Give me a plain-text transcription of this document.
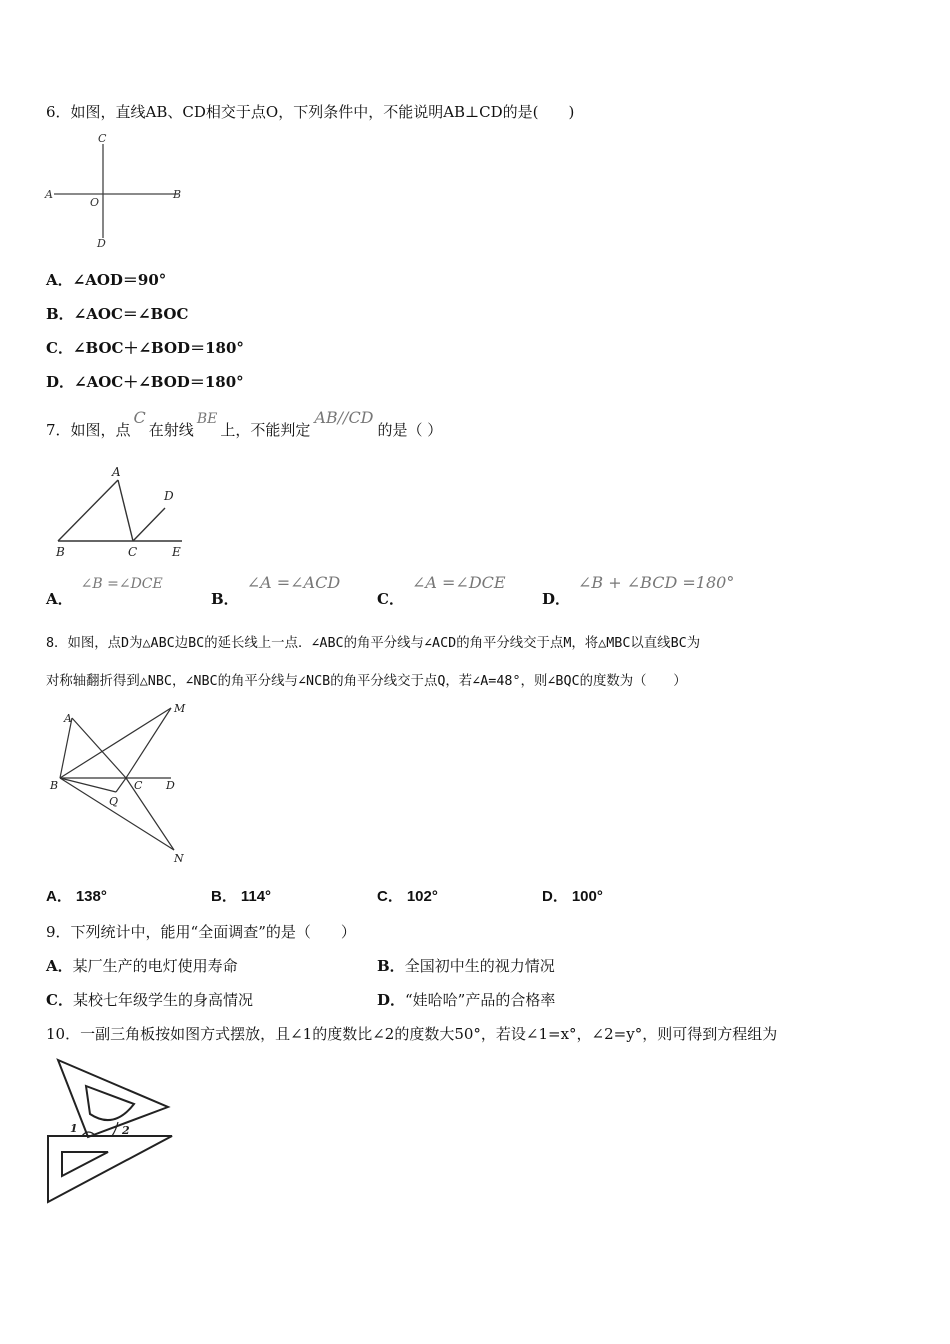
6．如图，直线AB、CD相交于点O，下列条件中，不能说明AB⊥CD的是(　　)
C
A	B
O
D
A．∠AOD＝90°
B．∠AOC＝∠BOC
C．∠BOC＋∠BOD＝180°
D．∠AOC＋∠BOD＝180°
7．如图，点C在射线BE上，不能判定AB//CD的是（ ）
A
D
B	C	E
A．∠B =∠DCE
B．∠A =∠ACD
C．∠A =∠DCE
D．∠B + ∠BCD =180°
8．如图，点D为△ABC边BC的延长线上一点．∠ABC的角平分线与∠ACD的角平分线交于点M，将△MBC以直线BC为
对称轴翻折得到△NBC，∠NBC的角平分线与∠NCB的角平分线交于点Q，若∠A=48°，则∠BQC的度数为（　　）
A
M
B	C D
Q
N
A． 138°	B． 114°	C． 102°	D． 100°
9．下列统计中，能用“全面调查”的是（　　）
A．某厂生产的电灯使用寿命	B．全国初中生的视力情况
C．某校七年级学生的身高情况	D．“娃哈哈”产品的合格率
10．一副三角板按如图方式摆放，且∠1的度数比∠2的度数大50°，若设∠1=x°，∠2=y°，则可得到方程组为
1	2
